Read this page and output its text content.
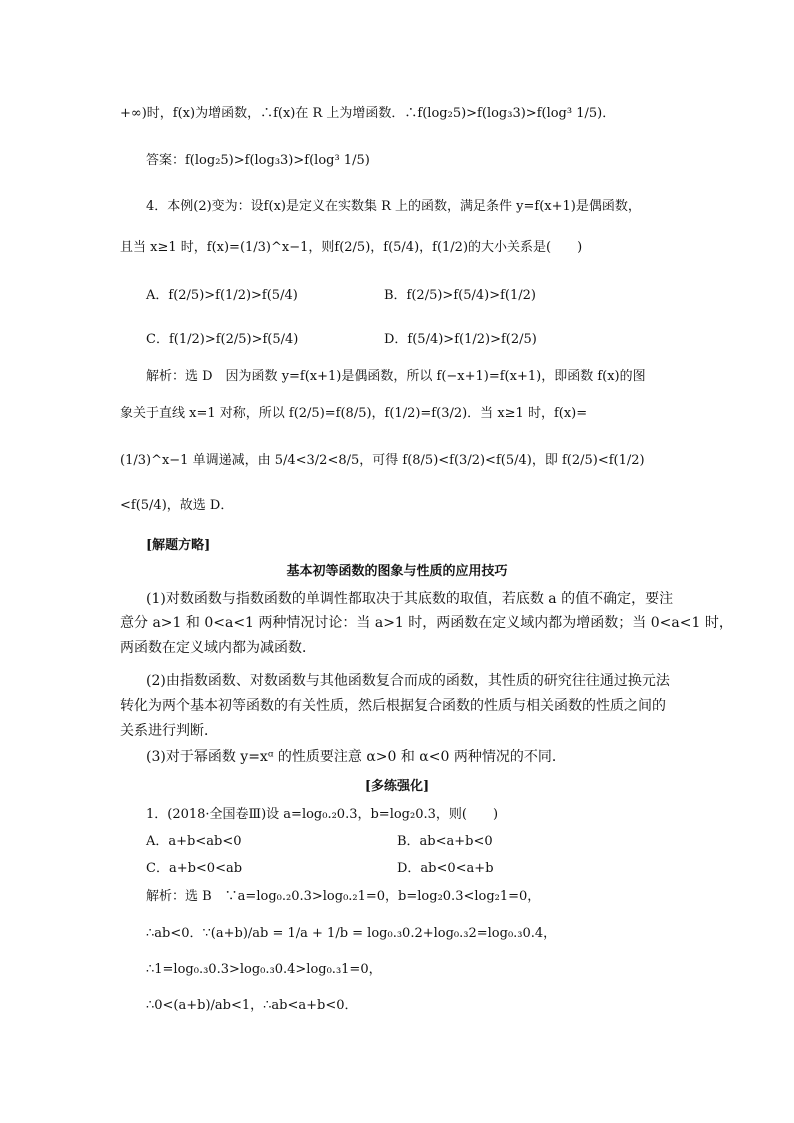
+∞)时，f(x)为增函数，∴f(x)在 R 上为增函数．∴f(log₂5)>f(log₃3)>f(log³ 1/5)．
答案：f(log₂5)>f(log₃3)>f(log³ 1/5)
4．本例(2)变为：设f(x)是定义在实数集 R 上的函数，满足条件 y=f(x+1)是偶函数，
且当 x≥1 时，f(x)=(1/3)^x−1，则f(2/5)，f(5/4)，f(1/2)的大小关系是(　　)
A．f(2/5)>f(1/2)>f(5/4)	B．f(2/5)>f(5/4)>f(1/2)
C．f(1/2)>f(2/5)>f(5/4)	D．f(5/4)>f(1/2)>f(2/5)
解析：选 D　因为函数 y=f(x+1)是偶函数，所以 f(−x+1)=f(x+1)，即函数 f(x)的图
象关于直线 x=1 对称，所以 f(2/5)=f(8/5)，f(1/2)=f(3/2)．当 x≥1 时，f(x)=
(1/3)^x−1 单调递减，由 5/4<3/2<8/5，可得 f(8/5)<f(3/2)<f(5/4)，即 f(2/5)<f(1/2)
<f(5/4)，故选 D．
[解题方略]
基本初等函数的图象与性质的应用技巧
(1)对数函数与指数函数的单调性都取决于其底数的取值，若底数 a 的值不确定，要注
意分 a>1 和 0<a<1 两种情况讨论：当 a>1 时，两函数在定义域内都为增函数；当 0<a<1 时，
两函数在定义域内都为减函数．
(2)由指数函数、对数函数与其他函数复合而成的函数，其性质的研究往往通过换元法
转化为两个基本初等函数的有关性质，然后根据复合函数的性质与相关函数的性质之间的
关系进行判断．
(3)对于幂函数 y=xᵅ 的性质要注意 α>0 和 α<0 两种情况的不同．
[多练强化]
1．(2018·全国卷Ⅲ)设 a=log₀.₂0.3，b=log₂0.3，则(　　)
A．a+b<ab<0	B．ab<a+b<0
C．a+b<0<ab	D．ab<0<a+b
解析：选 B　∵a=log₀.₂0.3>log₀.₂1=0，b=log₂0.3<log₂1=0，
∴ab<0．∵(a+b)/ab = 1/a + 1/b = log₀.₃0.2+log₀.₃2=log₀.₃0.4，
∴1=log₀.₃0.3>log₀.₃0.4>log₀.₃1=0，
∴0<(a+b)/ab<1，∴ab<a+b<0．
